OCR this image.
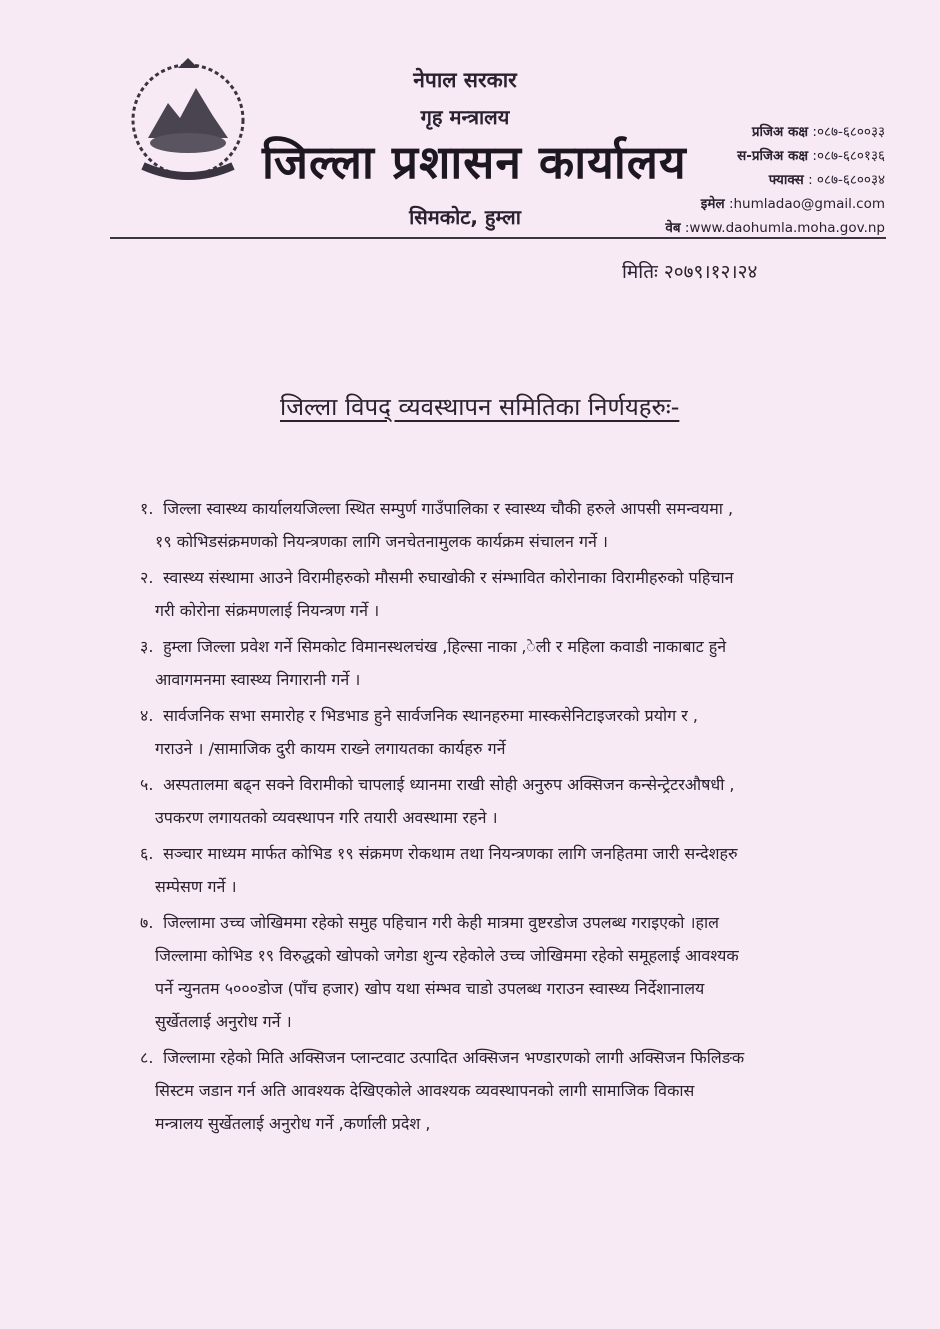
नेपाल सरकार
गृह मन्त्रालय
जिल्ला प्रशासन कार्यालय
सिमकोट, हुम्ला
प्रजिअ कक्ष :०८७-६८००३३
स-प्रजिअ कक्ष :०८७-६८०१३६
फ्याक्स : ०८७-६८००३४
इमेल :humladao@gmail.com
वेब :www.daohumla.moha.gov.np
मितिः २०७९।१२।२४
जिल्ला विपद् व्यवस्थापन समितिका निर्णयहरुः-
१. जिल्ला स्वास्थ्य कार्यालयजिल्ला स्थित सम्पुर्ण गाउँपालिका र स्वास्थ्य चौकी हरुले आपसी समन्वयमा ,
१९ कोभिडसंक्रमणको नियन्त्रणका लागि जनचेतनामुलक कार्यक्रम संचालन गर्ने ।
२. स्वास्थ्य संस्थामा आउने विरामीहरुको मौसमी रुघाखोकी र संम्भावित कोरोनाका विरामीहरुको पहिचान
गरी कोरोना संक्रमणलाई नियन्त्रण गर्ने ।
३. हुम्ला जिल्ला प्रवेश गर्ने सिमकोट विमानस्थलचंख ,हिल्सा नाका ,ेली र महिला कवाडी नाकाबाट हुने
आवागमनमा स्वास्थ्य निगारानी गर्ने ।
४. सार्वजनिक सभा समारोह र भिडभाड हुने सार्वजनिक स्थानहरुमा मास्कसेनिटाइजरको प्रयोग र ,
गराउने । /सामाजिक दुरी कायम राख्ने लगायतका कार्यहरु गर्ने
५. अस्पतालमा बढ्न सक्ने विरामीको चापलाई ध्यानमा राखी सोही अनुरुप अक्सिजन कन्सेन्ट्रेटरऔषधी ,
उपकरण लगायतको व्यवस्थापन गरि तयारी अवस्थामा रहने ।
६. सञ्चार माध्यम मार्फत कोभिड १९ संक्रमण रोकथाम तथा नियन्त्रणका लागि जनहितमा जारी सन्देशहरु
सम्पेसण गर्ने ।
७. जिल्लामा उच्च जोखिममा रहेको समुह पहिचान गरी केही मात्रमा वुष्टरडोज उपलब्ध गराइएको ।हाल
जिल्लामा कोभिड १९ विरुद्धको खोपको जगेडा शुन्य रहेकोले उच्च जोखिममा रहेको समूहलाई आवश्यक
पर्ने न्युनतम ५०००डोज (पाँच हजार) खोप यथा संम्भव चाडो उपलब्ध गराउन स्वास्थ्य निर्देशानालय
सुर्खेतलाई अनुरोध गर्ने ।
८. जिल्लामा रहेको मिति अक्सिजन प्लान्टवाट उत्पादित अक्सिजन भण्डारणको लागी अक्सिजन फिलिङक
सिस्टम जडान गर्न अति आवश्यक देखिएकोले आवश्यक व्यवस्थापनको लागी सामाजिक विकास
मन्त्रालय सुर्खेतलाई अनुरोध गर्ने ,कर्णाली प्रदेश ,
